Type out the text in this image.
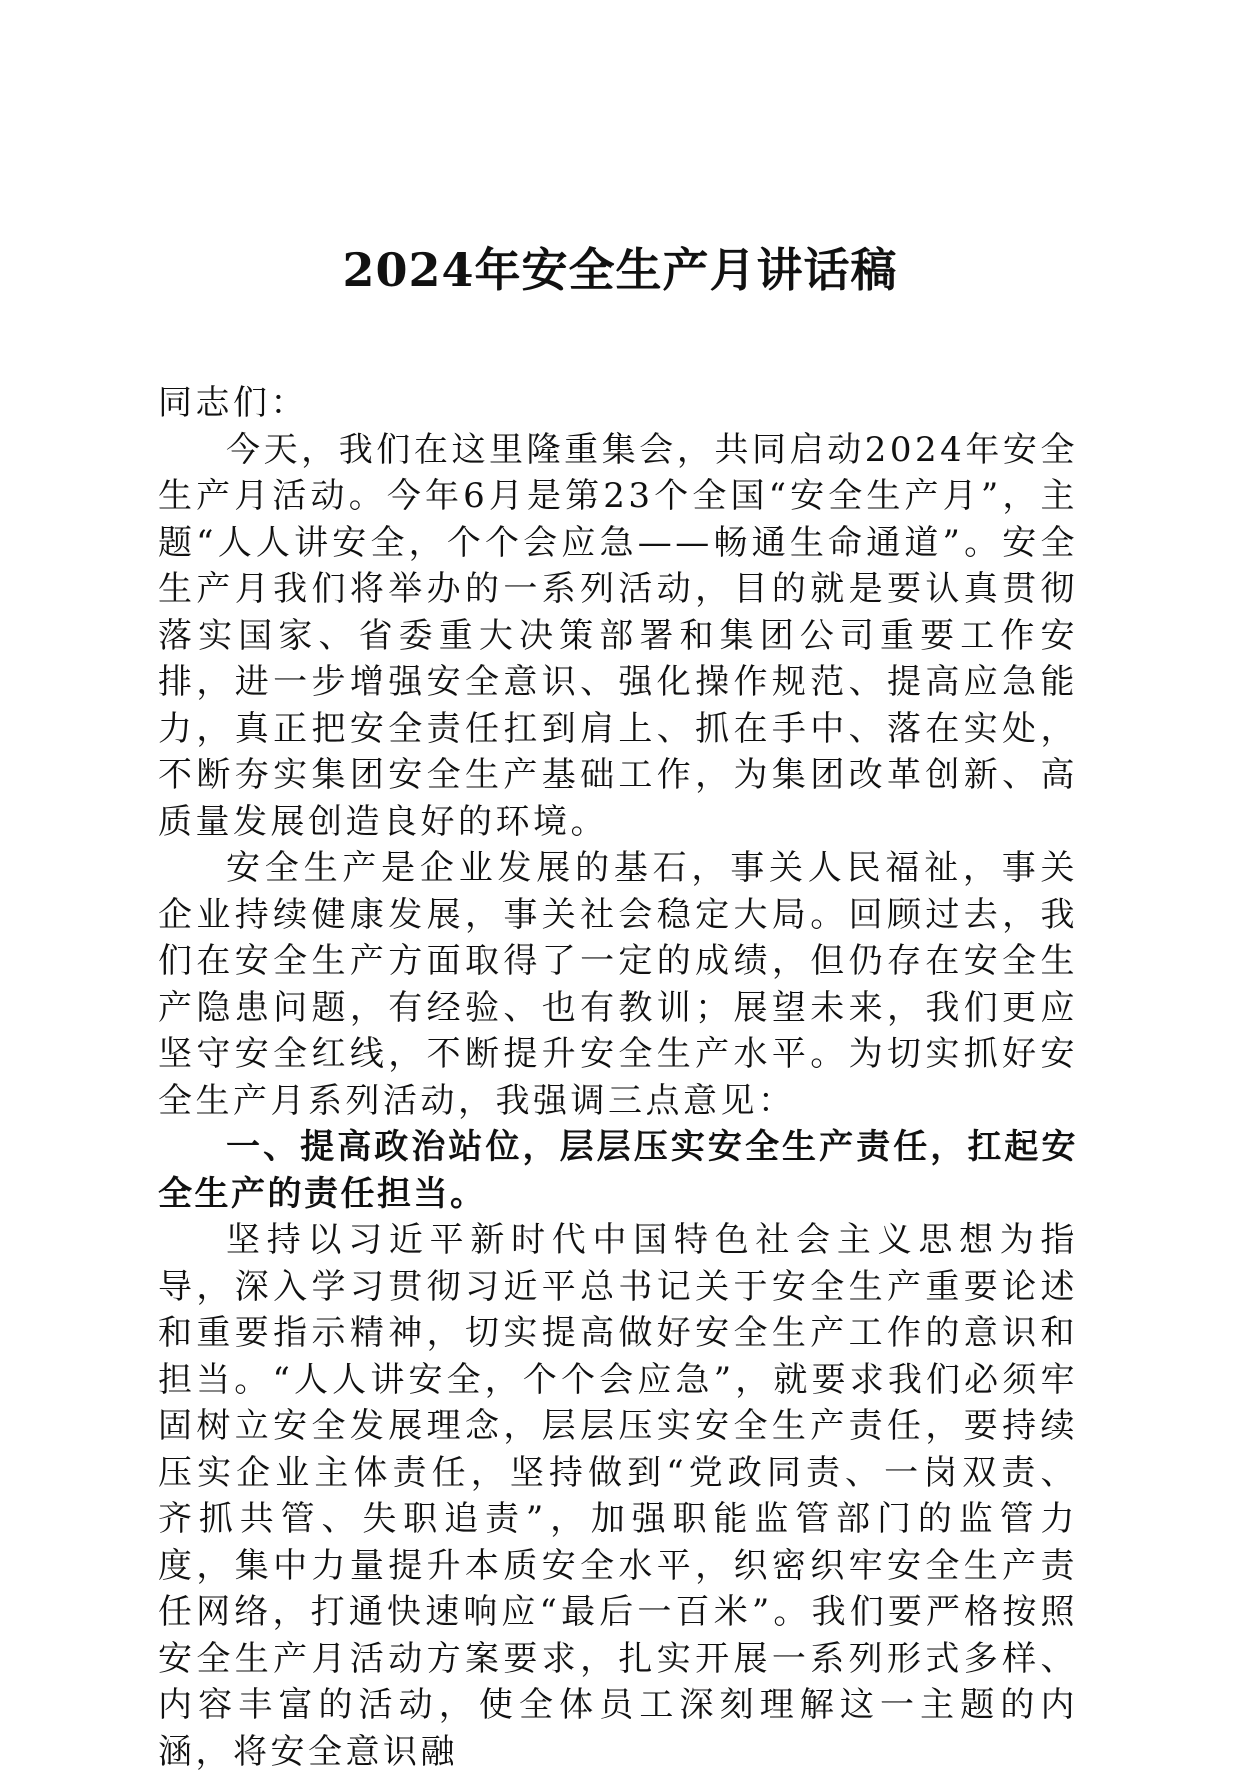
2024年安全生产月讲话稿

同志们：

今天，我们在这里隆重集会，共同启动2024年安全生产月活动。今年6月是第23个全国“安全生产月”，主题“人人讲安全，个个会应急——畅通生命通道”。安全生产月我们将举办的一系列活动，目的就是要认真贯彻落实国家、省委重大决策部署和集团公司重要工作安排，进一步增强安全意识、强化操作规范、提高应急能力，真正把安全责任扛到肩上、抓在手中、落在实处，不断夯实集团安全生产基础工作，为集团改革创新、高质量发展创造良好的环境。

安全生产是企业发展的基石，事关人民福祉，事关企业持续健康发展，事关社会稳定大局。回顾过去，我们在安全生产方面取得了一定的成绩，但仍存在安全生产隐患问题，有经验、也有教训；展望未来，我们更应坚守安全红线，不断提升安全生产水平。为切实抓好安全生产月系列活动，我强调三点意见：

一、提高政治站位，层层压实安全生产责任，扛起安全生产的责任担当。

坚持以习近平新时代中国特色社会主义思想为指导，深入学习贯彻习近平总书记关于安全生产重要论述和重要指示精神，切实提高做好安全生产工作的意识和担当。“人人讲安全，个个会应急”，就要求我们必须牢固树立安全发展理念，层层压实安全生产责任，要持续压实企业主体责任，坚持做到“党政同责、一岗双责、齐抓共管、失职追责”，加强职能监管部门的监管力度，集中力量提升本质安全水平，织密织牢安全生产责任网络，打通快速响应“最后一百米”。我们要严格按照安全生产月活动方案要求，扎实开展一系列形式多样、内容丰富的活动，使全体员工深刻理解这一主题的内涵，将安全意识融
